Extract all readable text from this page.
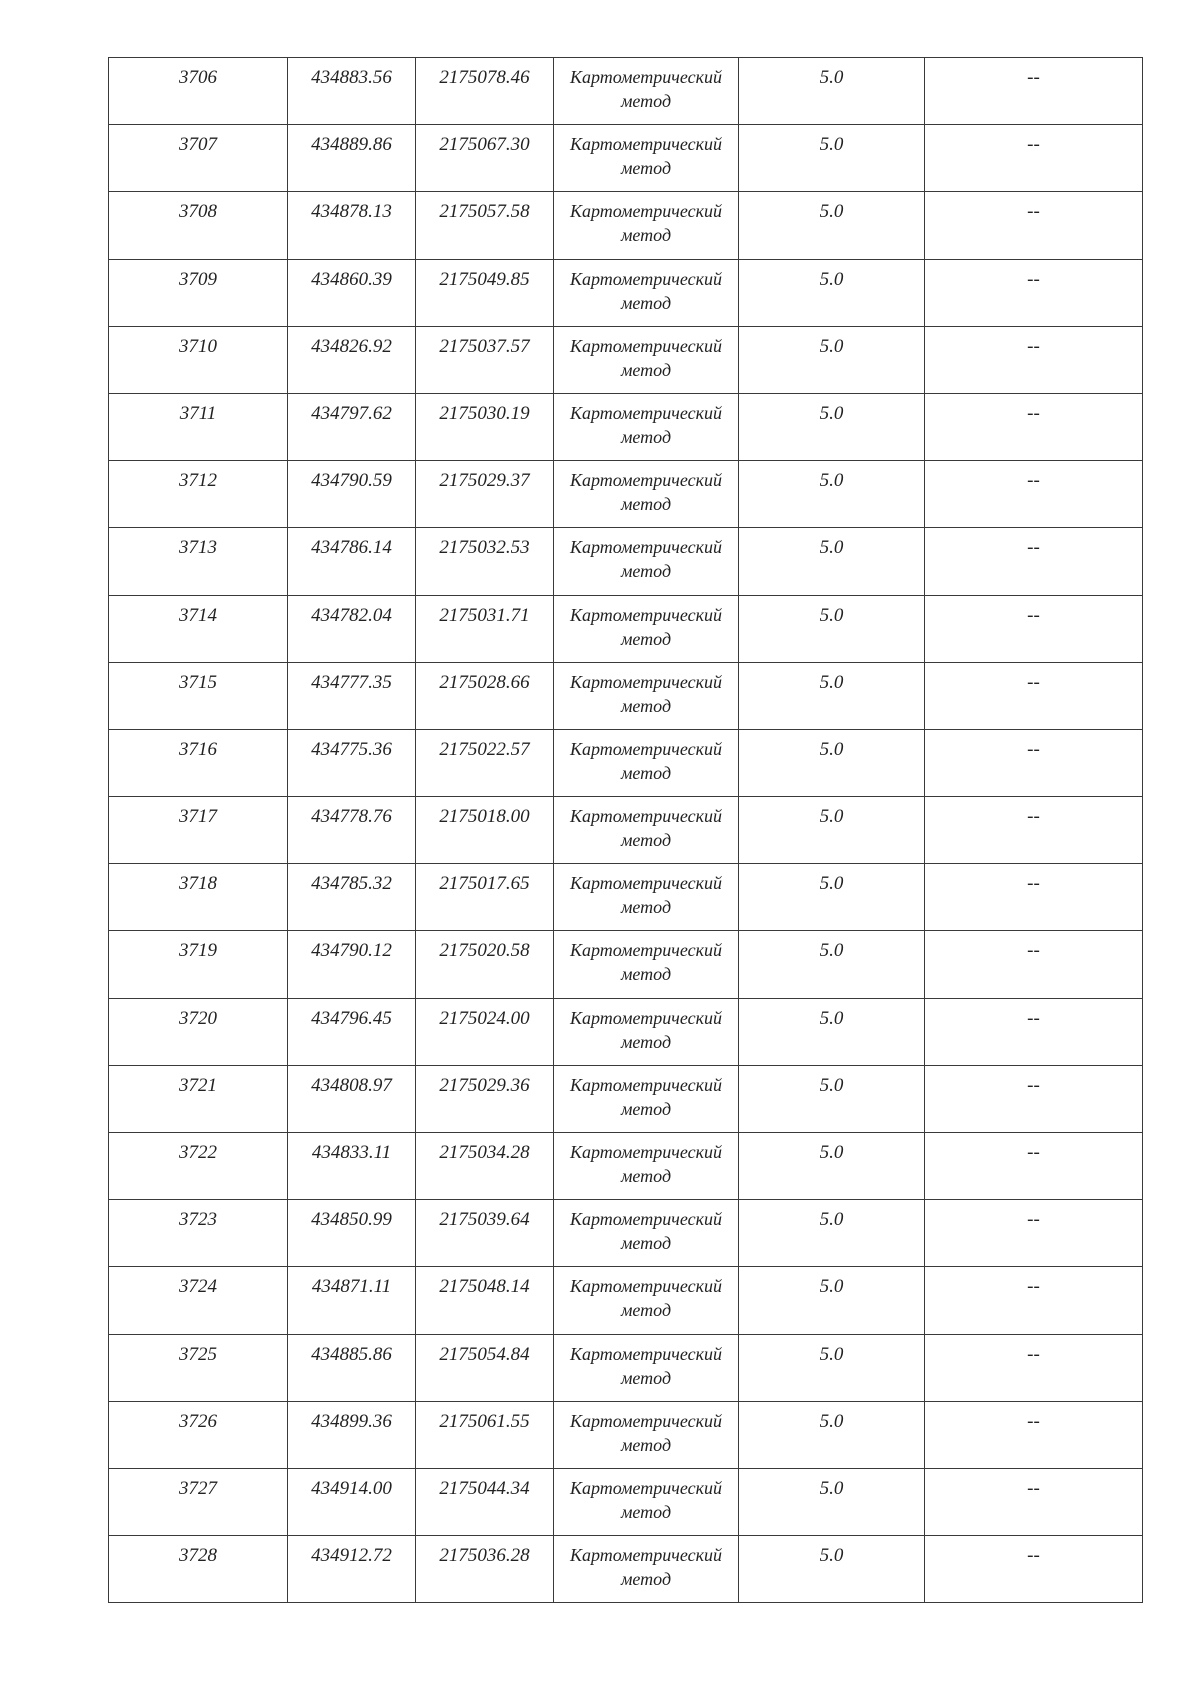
3706	434883.56	2175078.46	Картометрический
метод	5.0	--

3707	434889.86	2175067.30	Картометрический
метод	5.0	--

3708	434878.13	2175057.58	Картометрический
метод	5.0	--

3709	434860.39	2175049.85	Картометрический
метод	5.0	--

3710	434826.92	2175037.57	Картометрический
метод	5.0	--

3711	434797.62	2175030.19	Картометрический
метод	5.0	--

3712	434790.59	2175029.37	Картометрический
метод	5.0	--

3713	434786.14	2175032.53	Картометрический
метод	5.0	--

3714	434782.04	2175031.71	Картометрический
метод	5.0	--

3715	434777.35	2175028.66	Картометрический
метод	5.0	--

3716	434775.36	2175022.57	Картометрический
метод	5.0	--

3717	434778.76	2175018.00	Картометрический
метод	5.0	--

3718	434785.32	2175017.65	Картометрический
метод	5.0	--

3719	434790.12	2175020.58	Картометрический
метод	5.0	--

3720	434796.45	2175024.00	Картометрический
метод	5.0	--

3721	434808.97	2175029.36	Картометрический
метод	5.0	--

3722	434833.11	2175034.28	Картометрический
метод	5.0	--

3723	434850.99	2175039.64	Картометрический
метод	5.0	--

3724	434871.11	2175048.14	Картометрический
метод	5.0	--

3725	434885.86	2175054.84	Картометрический
метод	5.0	--

3726	434899.36	2175061.55	Картометрический
метод	5.0	--

3727	434914.00	2175044.34	Картометрический
метод	5.0	--

3728	434912.72	2175036.28	Картометрический
метод	5.0	--
